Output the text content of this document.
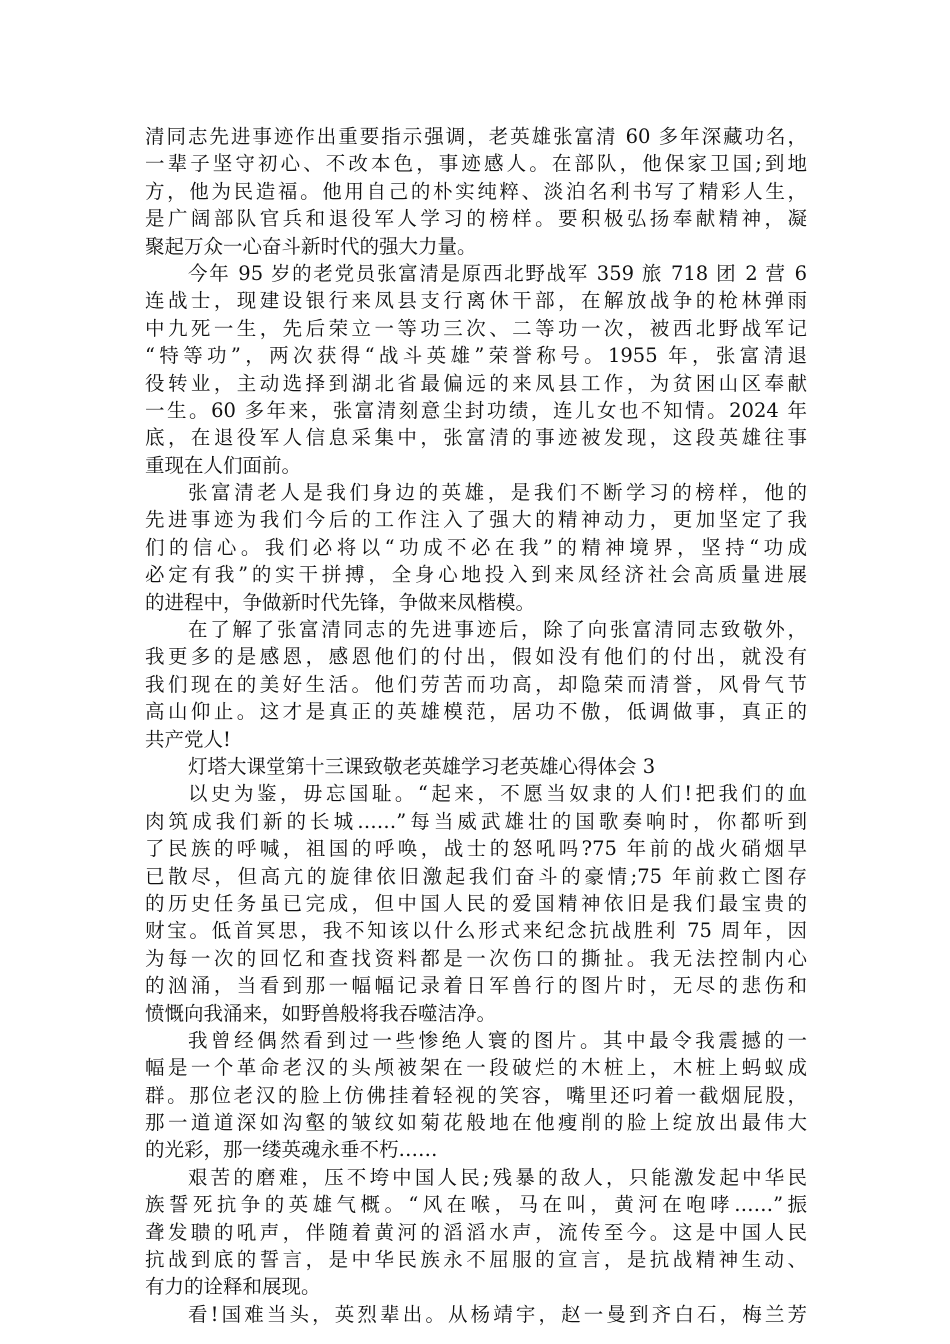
清同志先进事迹作出重要指示强调，老英雄张富清 60 多年深藏功名，
一辈子坚守初心、不改本色，事迹感人。在部队，他保家卫国;到地
方，他为民造福。他用自己的朴实纯粹、淡泊名利书写了精彩人生，
是广阔部队官兵和退役军人学习的榜样。要积极弘扬奉献精神，凝
聚起万众一心奋斗新时代的强大力量。
今年 95 岁的老党员张富清是原西北野战军 359 旅 718 团 2 营 6
连战士，现建设银行来凤县支行离休干部，在解放战争的枪林弹雨
中九死一生，先后荣立一等功三次、二等功一次，被西北野战军记
“特等功”，两次获得“战斗英雄”荣誉称号。1955 年，张富清退
役转业，主动选择到湖北省最偏远的来凤县工作，为贫困山区奉献
一生。60 多年来，张富清刻意尘封功绩，连儿女也不知情。2024 年
底，在退役军人信息采集中，张富清的事迹被发现，这段英雄往事
重现在人们面前。
张富清老人是我们身边的英雄，是我们不断学习的榜样，他的
先进事迹为我们今后的工作注入了强大的精神动力，更加坚定了我
们的信心。我们必将以“功成不必在我”的精神境界，坚持“功成
必定有我”的实干拼搏，全身心地投入到来凤经济社会高质量进展
的进程中，争做新时代先锋，争做来凤楷模。
在了解了张富清同志的先进事迹后，除了向张富清同志致敬外，
我更多的是感恩，感恩他们的付出，假如没有他们的付出，就没有
我们现在的美好生活。他们劳苦而功高，却隐荣而清誉，风骨气节
高山仰止。这才是真正的英雄模范，居功不傲，低调做事，真正的
共产党人!
灯塔大课堂第十三课致敬老英雄学习老英雄心得体会 3
以史为鉴，毋忘国耻。“起来，不愿当奴隶的人们!把我们的血
肉筑成我们新的长城……”每当威武雄壮的国歌奏响时，你都听到
了民族的呼喊，祖国的呼唤，战士的怒吼吗?75 年前的战火硝烟早
已散尽，但高亢的旋律依旧激起我们奋斗的豪情;75 年前救亡图存
的历史任务虽已完成，但中国人民的爱国精神依旧是我们最宝贵的
财宝。低首冥思，我不知该以什么形式来纪念抗战胜利 75 周年，因
为每一次的回忆和查找资料都是一次伤口的撕扯。我无法控制内心
的汹涌，当看到那一幅幅记录着日军兽行的图片时，无尽的悲伤和
愤慨向我涌来，如野兽般将我吞噬洁净。
我曾经偶然看到过一些惨绝人寰的图片。其中最令我震撼的一
幅是一个革命老汉的头颅被架在一段破烂的木桩上，木桩上蚂蚁成
群。那位老汉的脸上仿佛挂着轻视的笑容，嘴里还叼着一截烟屁股，
那一道道深如沟壑的皱纹如菊花般地在他瘦削的脸上绽放出最伟大
的光彩，那一缕英魂永垂不朽……
艰苦的磨难，压不垮中国人民;残暴的敌人，只能激发起中华民
族誓死抗争的英雄气概。“风在喉，马在叫，黄河在咆哮……”振
聋发聩的吼声，伴随着黄河的滔滔水声，流传至今。这是中国人民
抗战到底的誓言，是中华民族永不屈服的宣言，是抗战精神生动、
有力的诠释和展现。
看!国难当头，英烈辈出。从杨靖宇，赵一曼到齐白石，梅兰芳
